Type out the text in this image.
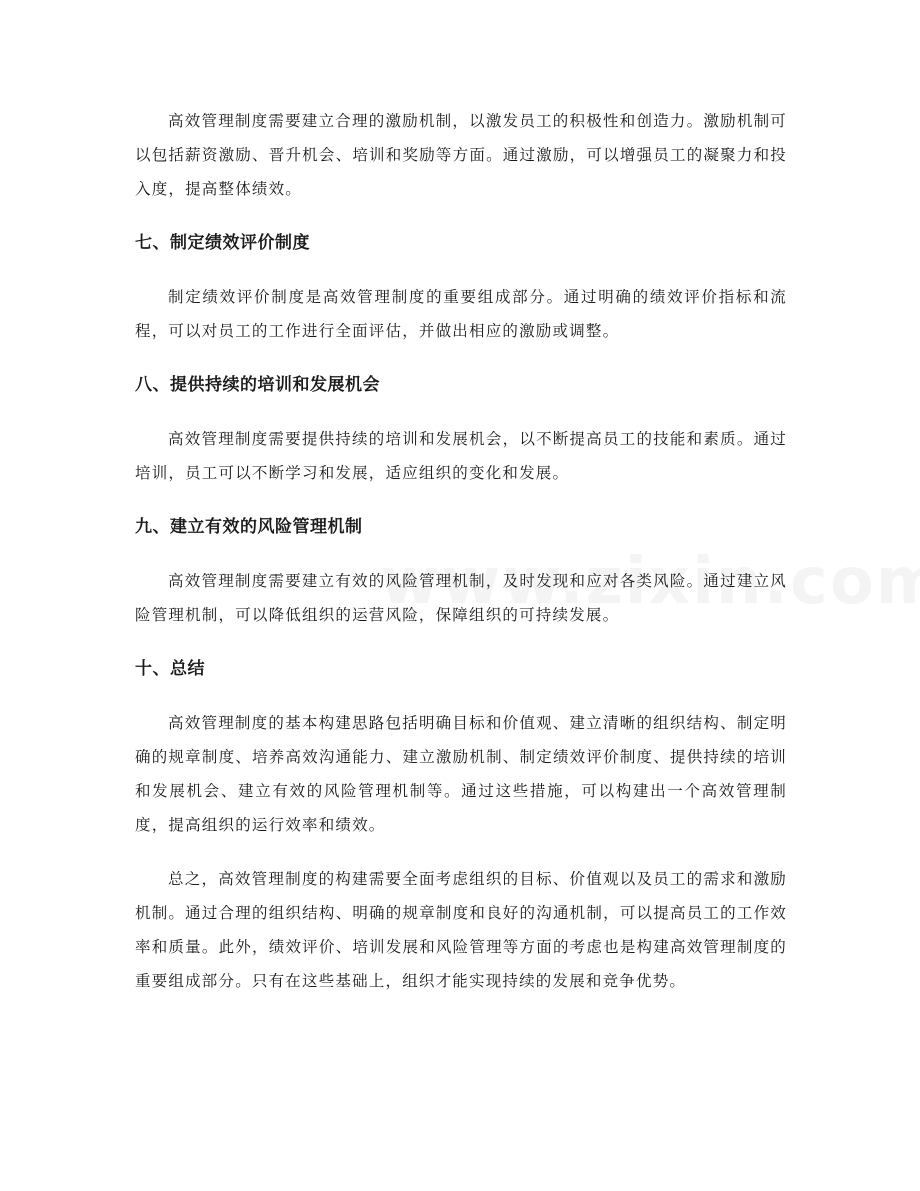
高效管理制度需要建立合理的激励机制，以激发员工的积极性和创造力。激励机制可以包括薪资激励、晋升机会、培训和奖励等方面。通过激励，可以增强员工的凝聚力和投入度，提高整体绩效。

七、制定绩效评价制度

制定绩效评价制度是高效管理制度的重要组成部分。通过明确的绩效评价指标和流程，可以对员工的工作进行全面评估，并做出相应的激励或调整。

八、提供持续的培训和发展机会

高效管理制度需要提供持续的培训和发展机会，以不断提高员工的技能和素质。通过培训，员工可以不断学习和发展，适应组织的变化和发展。

九、建立有效的风险管理机制

高效管理制度需要建立有效的风险管理机制，及时发现和应对各类风险。通过建立风险管理机制，可以降低组织的运营风险，保障组织的可持续发展。

十、总结

高效管理制度的基本构建思路包括明确目标和价值观、建立清晰的组织结构、制定明确的规章制度、培养高效沟通能力、建立激励机制、制定绩效评价制度、提供持续的培训和发展机会、建立有效的风险管理机制等。通过这些措施，可以构建出一个高效管理制度，提高组织的运行效率和绩效。

总之，高效管理制度的构建需要全面考虑组织的目标、价值观以及员工的需求和激励机制。通过合理的组织结构、明确的规章制度和良好的沟通机制，可以提高员工的工作效率和质量。此外，绩效评价、培训发展和风险管理等方面的考虑也是构建高效管理制度的重要组成部分。只有在这些基础上，组织才能实现持续的发展和竞争优势。
